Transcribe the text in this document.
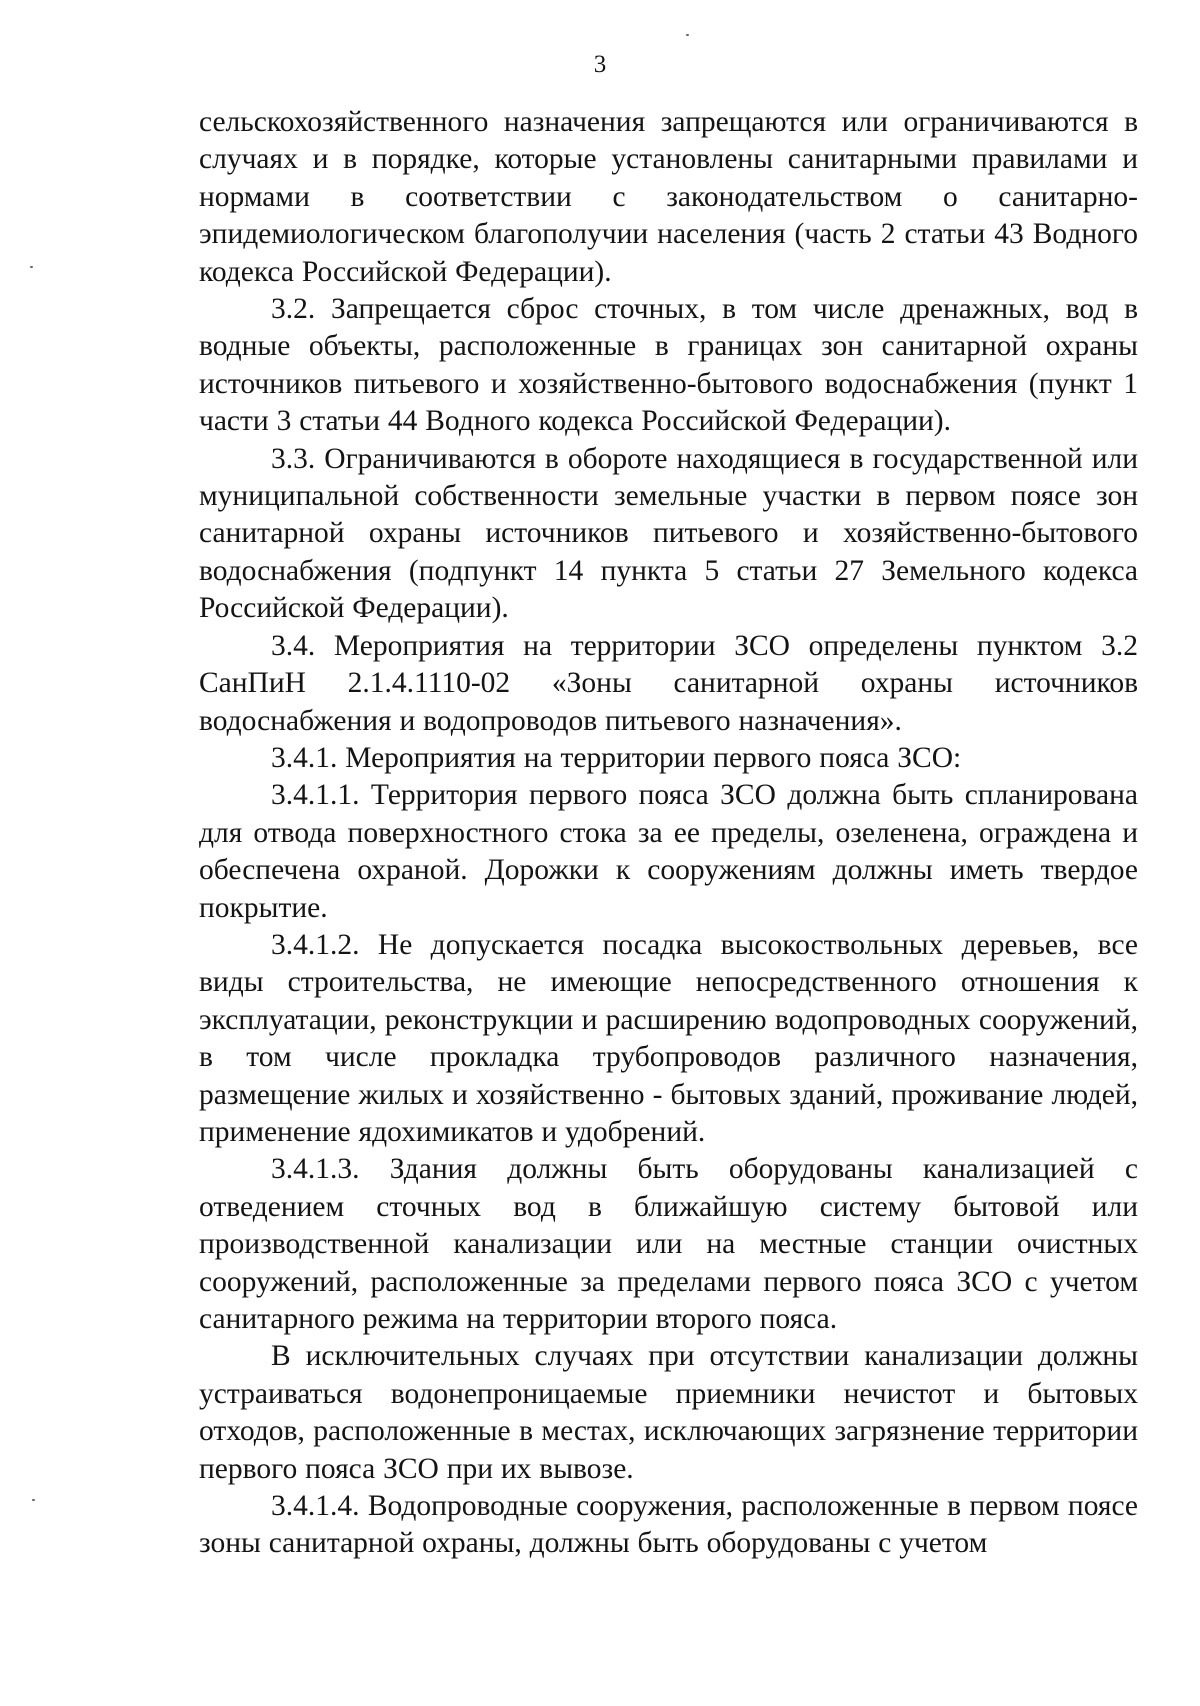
3

сельскохозяйственного назначения запрещаются или ограничиваются в случаях и в порядке, которые установлены санитарными правилами и нормами в соответствии с законодательством о санитарно-эпидемиологическом благополучии населения (часть 2 статьи 43 Водного кодекса Российской Федерации).

3.2. Запрещается сброс сточных, в том числе дренажных, вод в водные объекты, расположенные в границах зон санитарной охраны источников питьевого и хозяйственно-бытового водоснабжения (пункт 1 части 3 статьи 44 Водного кодекса Российской Федерации).

3.3. Ограничиваются в обороте находящиеся в государственной или муниципальной собственности земельные участки в первом поясе зон санитарной охраны источников питьевого и хозяйственно-бытового водоснабжения (подпункт 14 пункта 5 статьи 27 Земельного кодекса Российской Федерации).

3.4. Мероприятия на территории ЗСО определены пунктом 3.2 СанПиН 2.1.4.1110-02 «Зоны санитарной охраны источников водоснабжения и водопроводов питьевого назначения».

3.4.1. Мероприятия на территории первого пояса ЗСО:

3.4.1.1. Территория первого пояса ЗСО должна быть спланирована для отвода поверхностного стока за ее пределы, озеленена, ограждена и обеспечена охраной. Дорожки к сооружениям должны иметь твердое покрытие.

3.4.1.2. Не допускается посадка высокоствольных деревьев, все виды строительства, не имеющие непосредственного отношения к эксплуатации, реконструкции и расширению водопроводных сооружений, в том числе прокладка трубопроводов различного назначения, размещение жилых и хозяйственно - бытовых зданий, проживание людей, применение ядохимикатов и удобрений.

3.4.1.3. Здания должны быть оборудованы канализацией с отведением сточных вод в ближайшую систему бытовой или производственной канализации или на местные станции очистных сооружений, расположенные за пределами первого пояса ЗСО с учетом санитарного режима на территории второго пояса.

В исключительных случаях при отсутствии канализации должны устраиваться водонепроницаемые приемники нечистот и бытовых отходов, расположенные в местах, исключающих загрязнение территории первого пояса ЗСО при их вывозе.

3.4.1.4. Водопроводные сооружения, расположенные в первом поясе зоны санитарной охраны, должны быть оборудованы с учетом
